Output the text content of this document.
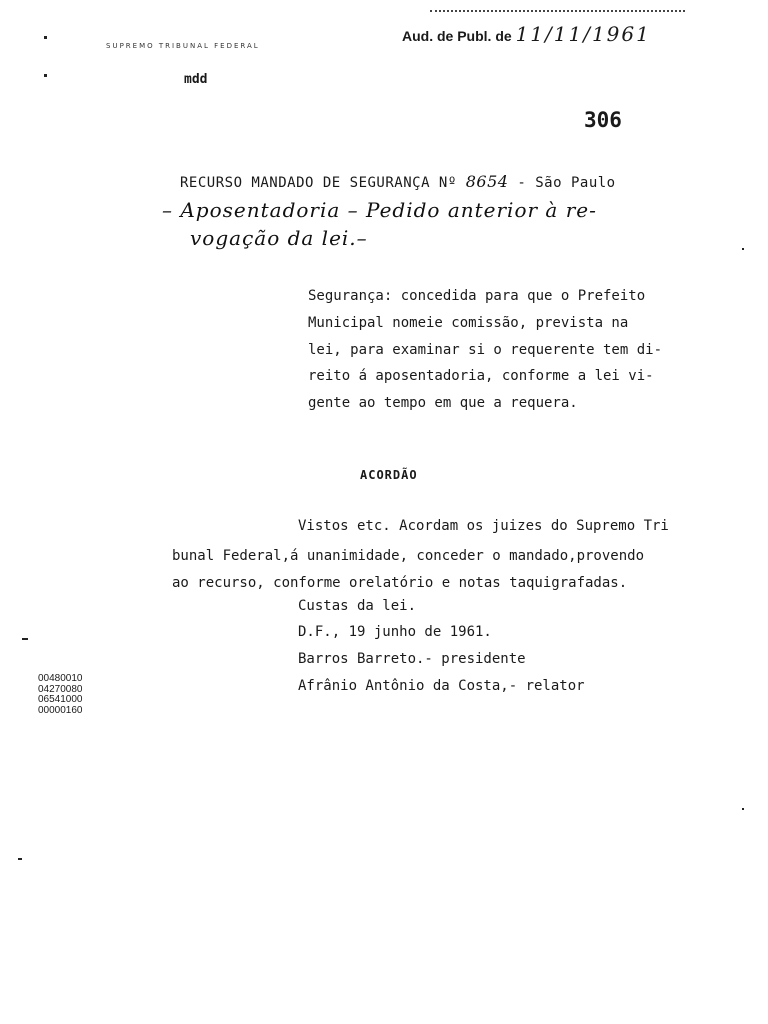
SUPREMO TRIBUNAL FEDERAL
Aud. de Publ. de 11/11/1961
mdd
306
RECURSO MANDADO DE SEGURANÇA Nº 8654 - São Paulo
– Aposentadoria – Pedido anterior à re-
vogação da lei.–
Segurança: concedida para que o Prefeito
Municipal nomeie comissão, prevista na
lei, para examinar si o requerente tem di-
reito á aposentadoria, conforme a lei vi-
gente ao tempo em que a requera.
ACORDÃO
Vistos etc. Acordam os juizes do Supremo Tri
bunal Federal,á unanimidade, conceder o mandado,provendo
ao recurso, conforme orelatório e notas taquigrafadas.
Custas da lei.
D.F., 19 junho de 1961.
Barros Barreto.- presidente
Afrânio Antônio da Costa,- relator
00480010
04270080
06541000
00000160
